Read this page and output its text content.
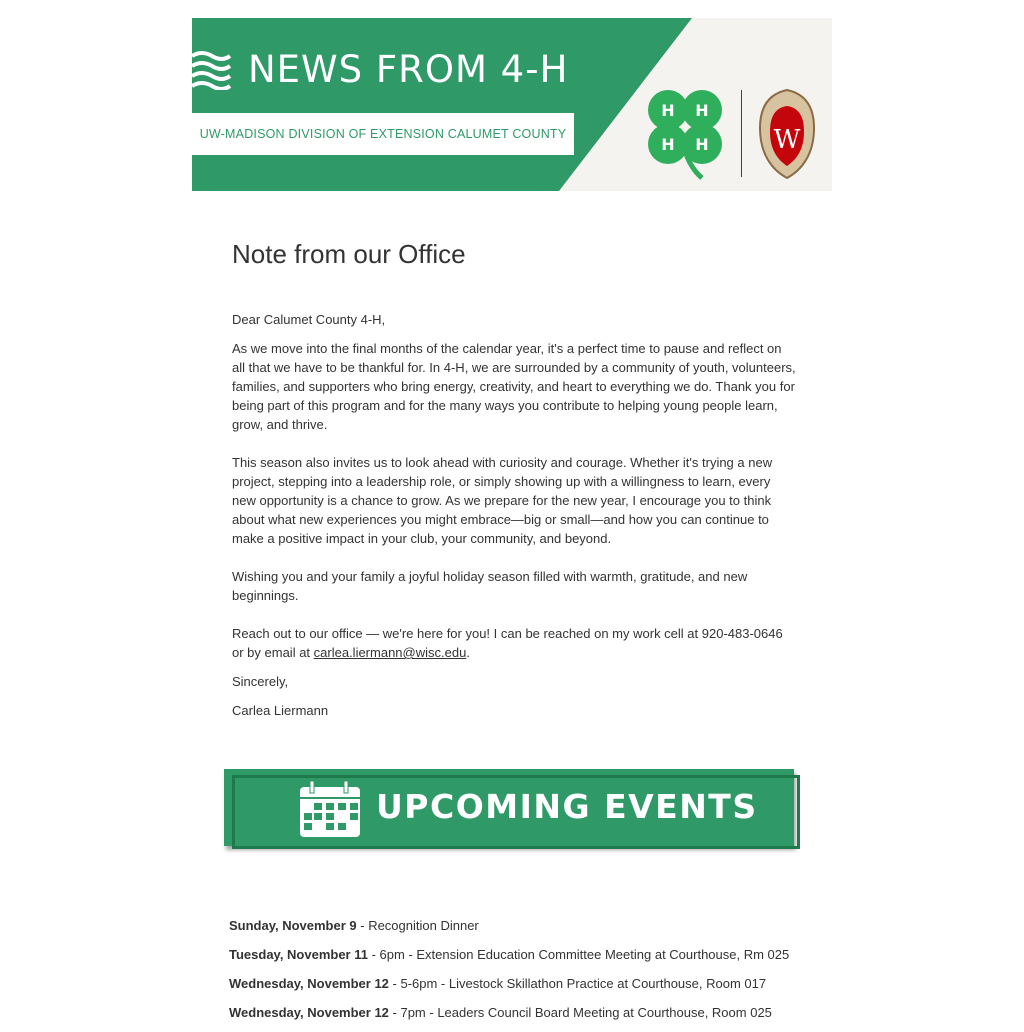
NEWS FROM 4-H
UW-MADISON DIVISION OF EXTENSION CALUMET COUNTY
H H
H H W
Note from our Office

Dear Calumet County 4-H,

As we move into the final months of the calendar year, it's a perfect time to pause and reflect on all that we have to be thankful for. In 4-H, we are surrounded by a community of youth, volunteers, families, and supporters who bring energy, creativity, and heart to everything we do. Thank you for being part of this program and for the many ways you contribute to helping young people learn, grow, and thrive.

This season also invites us to look ahead with curiosity and courage. Whether it's trying a new project, stepping into a leadership role, or simply showing up with a willingness to learn, every new opportunity is a chance to grow. As we prepare for the new year, I encourage you to think about what new experiences you might embrace—big or small—and how you can continue to make a positive impact in your club, your community, and beyond.

Wishing you and your family a joyful holiday season filled with warmth, gratitude, and new beginnings.

Reach out to our office — we're here for you! I can be reached on my work cell at 920-483-0646 or by email at carlea.liermann@wisc.edu.

Sincerely,

Carlea Liermann

UPCOMING EVENTS
Sunday, November 9 - Recognition Dinner
Tuesday, November 11 - 6pm - Extension Education Committee Meeting at Courthouse, Rm 025
Wednesday, November 12 - 5-6pm - Livestock Skillathon Practice at Courthouse, Room 017
Wednesday, November 12 - 7pm - Leaders Council Board Meeting at Courthouse, Room 025
